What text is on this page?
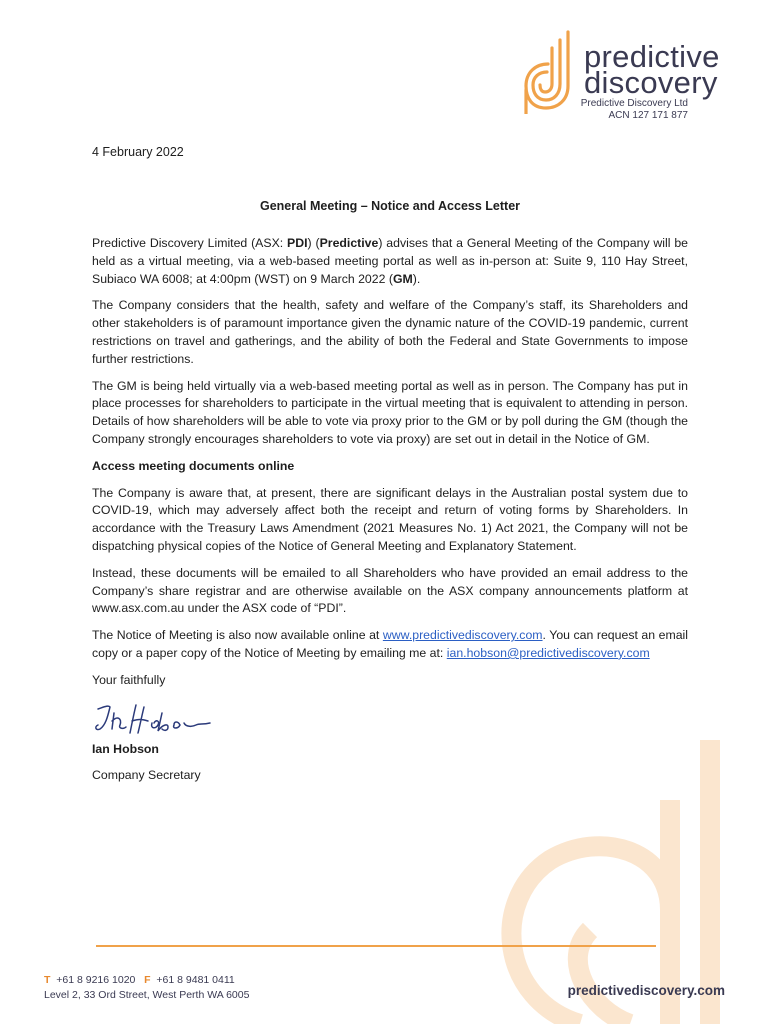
predictive
discovery
Predictive Discovery Ltd
ACN 127 171 877
4 February 2022
General Meeting – Notice and Access Letter

Predictive Discovery Limited (ASX: PDI) (Predictive) advises that a General Meeting of the Company will be held as a virtual meeting, via a web-based meeting portal as well as in-person at: Suite 9, 110 Hay Street, Subiaco WA 6008; at 4:00pm (WST) on 9 March 2022 (GM).

The Company considers that the health, safety and welfare of the Company’s staff, its Shareholders and other stakeholders is of paramount importance given the dynamic nature of the COVID-19 pandemic, current restrictions on travel and gatherings, and the ability of both the Federal and State Governments to impose further restrictions.

The GM is being held virtually via a web-based meeting portal as well as in person. The Company has put in place processes for shareholders to participate in the virtual meeting that is equivalent to attending in person. Details of how shareholders will be able to vote via proxy prior to the GM or by poll during the GM (though the Company strongly encourages shareholders to vote via proxy) are set out in detail in the Notice of GM.

Access meeting documents online

The Company is aware that, at present, there are significant delays in the Australian postal system due to COVID-19, which may adversely affect both the receipt and return of voting forms by Shareholders. In accordance with the Treasury Laws Amendment (2021 Measures No. 1) Act 2021, the Company will not be dispatching physical copies of the Notice of General Meeting and Explanatory Statement.

Instead, these documents will be emailed to all Shareholders who have provided an email address to the Company’s share registrar and are otherwise available on the ASX company announcements platform at www.asx.com.au under the ASX code of “PDI”.

The Notice of Meeting is also now available online at www.predictivediscovery.com. You can request an email copy or a paper copy of the Notice of Meeting by emailing me at: ian.hobson@predictivediscovery.com

Your faithfully

Ian Hobson

Company Secretary

T +61 8 9216 1020 F +61 8 9481 0411
Level 2, 33 Ord Street, West Perth WA 6005	predictivediscovery.com
